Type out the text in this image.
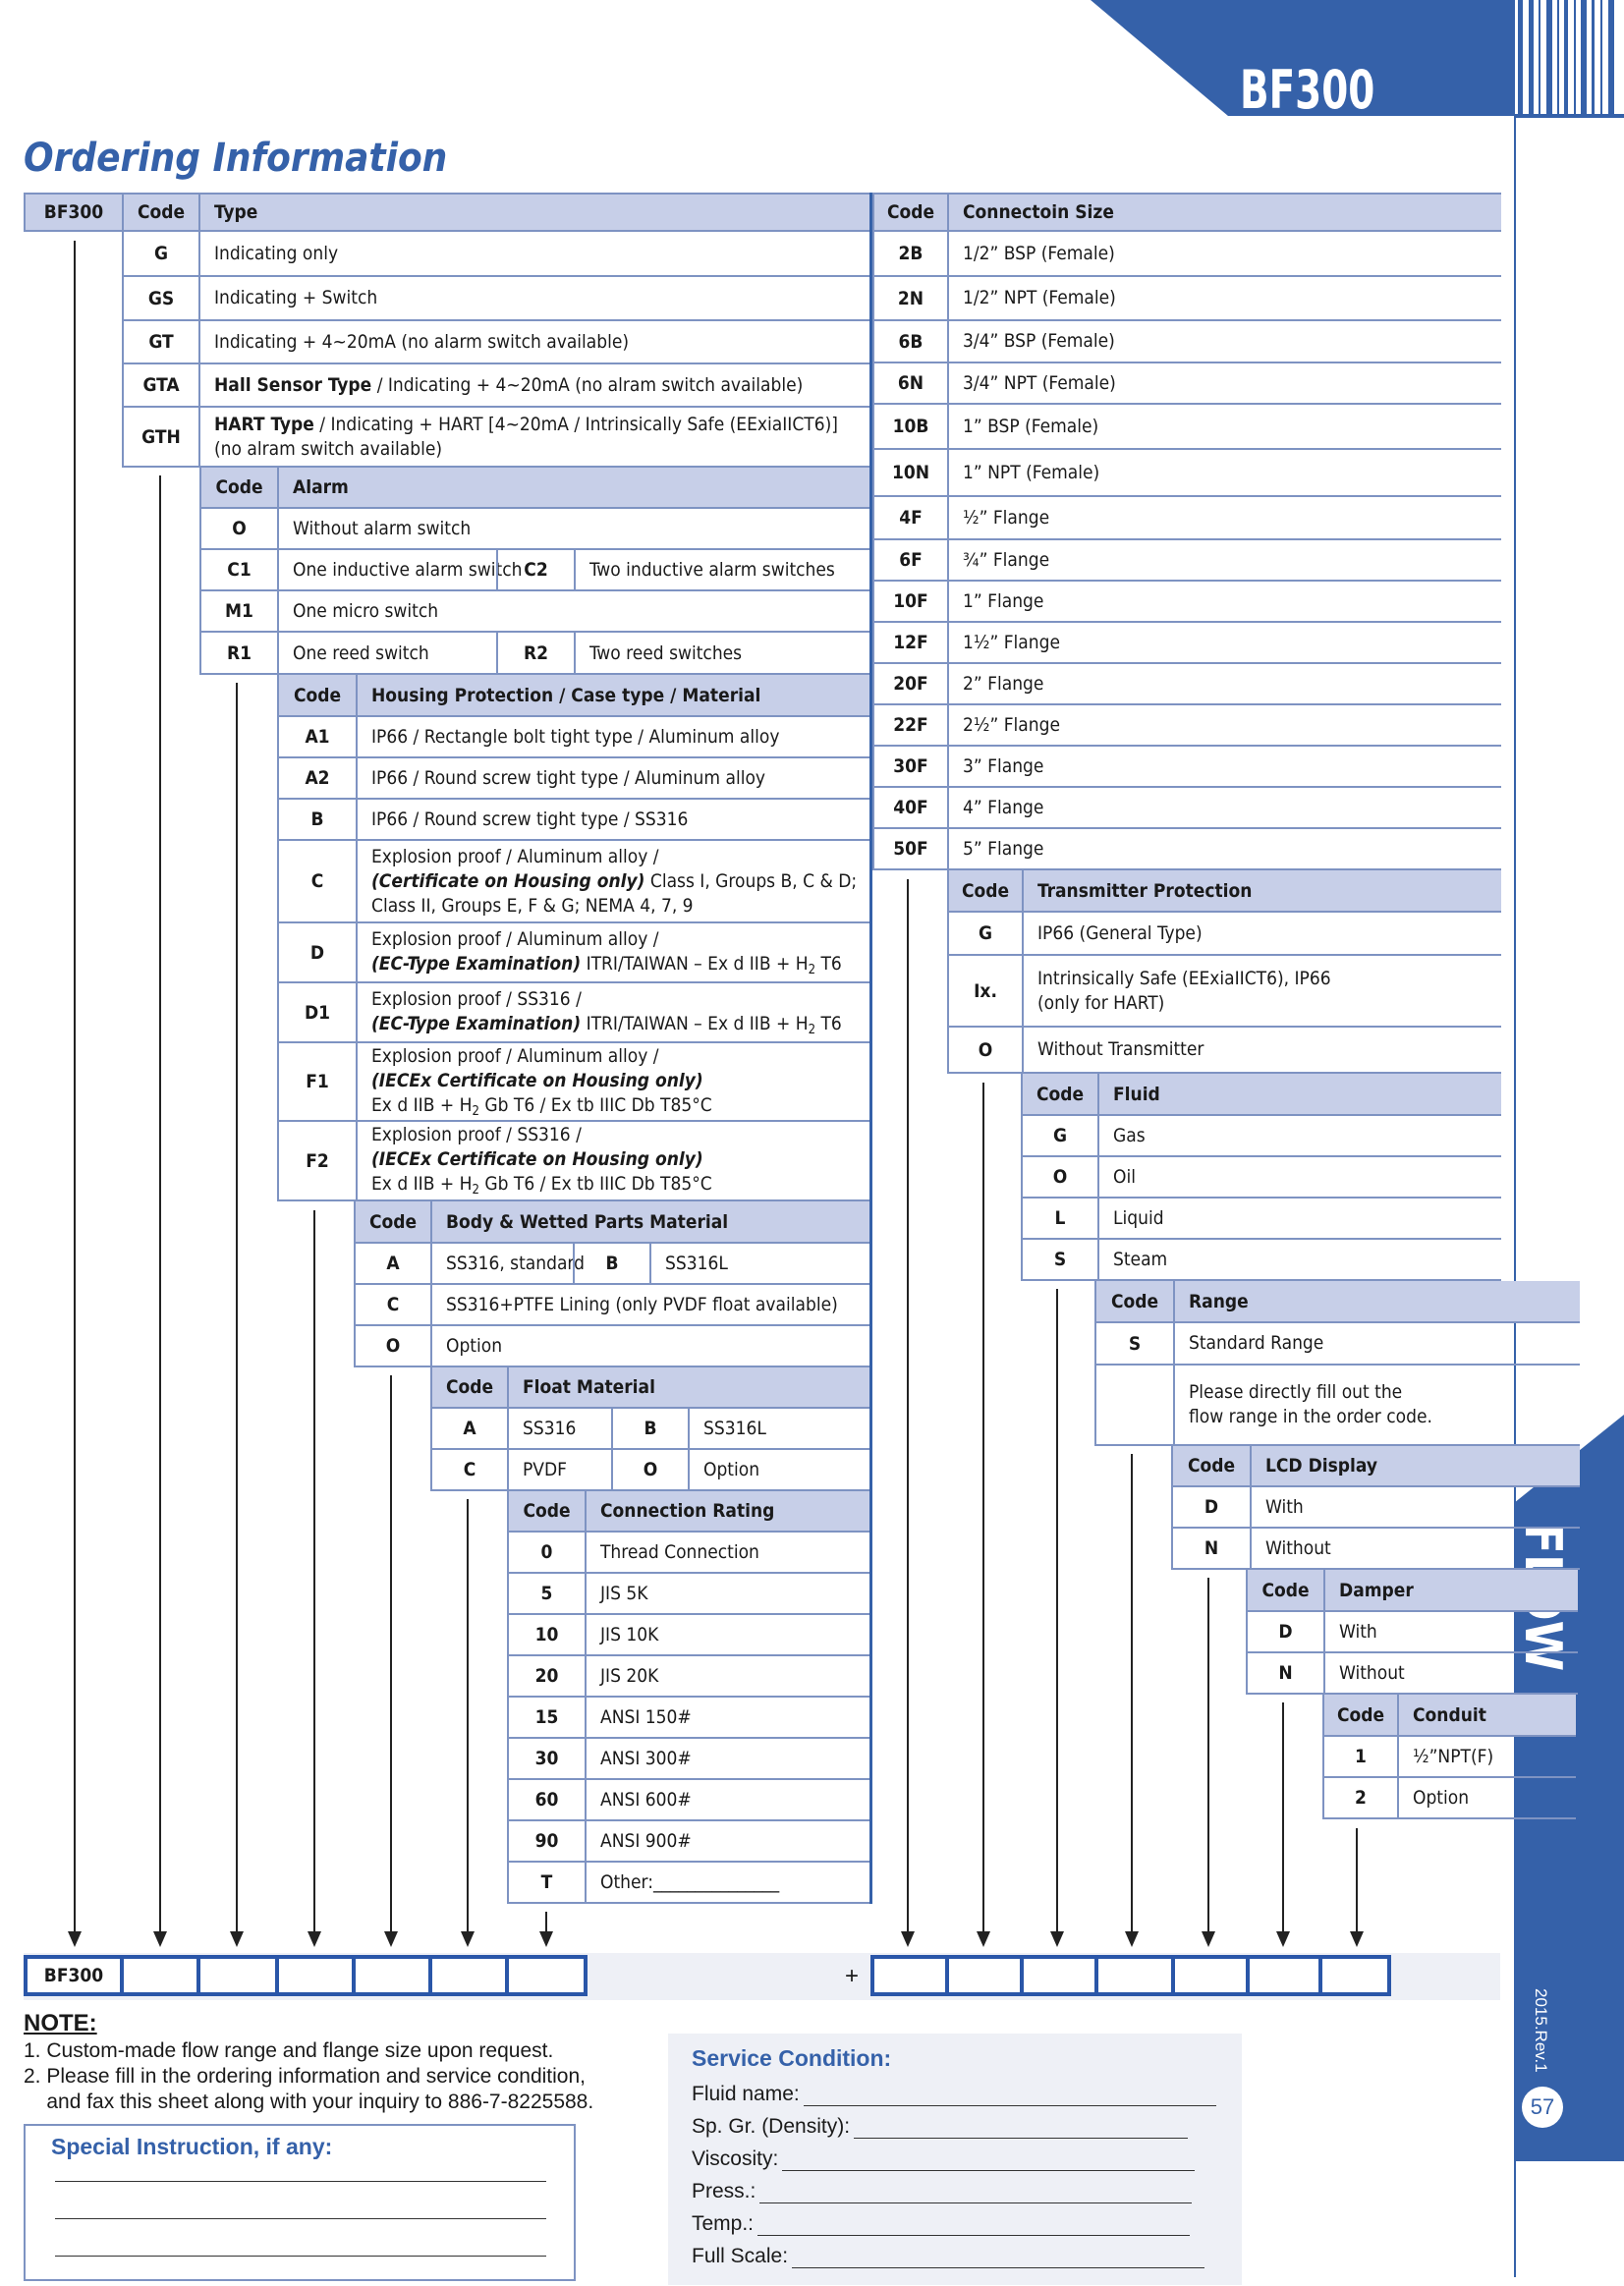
BF300
2015.Rev.1
57
Ordering Information
BF300 Code Type
G Indicating only
GS Indicating + Switch
GT Indicating + 4~20mA (no alarm switch available)
GTA Hall Sensor Type / Indicating + 4~20mA (no alram switch available)
GTH
HART Type / Indicating + HART [4~20mA / Intrinsically Safe (EExiaIICT6)]
(no alram switch available)
Code Alarm
O Without alarm switch
C1 One inductive alarm switch C2 Two inductive alarm switches
M1 One micro switch
R1 One reed switch	R2 Two reed switches
Code Housing Protection / Case type / Material
A1 IP66 / Rectangle bolt tight type / Aluminum alloy
A2 IP66 / Round screw tight type / Aluminum alloy
B	IP66 / Round screw tight type / SS316
C
Explosion proof / Aluminum alloy /
(Certificate on Housing only) Class I, Groups B, C & D;
Class II, Groups E, F & G; NEMA 4, 7, 9
D
Explosion proof / Aluminum alloy /
(EC-Type Examination) ITRI/TAIWAN – Ex d IIB + $H_2$ T6
D1
Explosion proof / SS316 /
(EC-Type Examination) ITRI/TAIWAN – Ex d IIB + $H_2$ T6
F1
Explosion proof / Aluminum alloy /
(IECEx Certificate on Housing only)
Ex d IIB + $H_2$ Gb T6 / Ex tb IIIC Db T85°C
F2
Explosion proof / SS316 /
(IECEx Certificate on Housing only)
Ex d IIB + $H_2$ Gb T6 / Ex tb IIIC Db T85°C
Code Body & Wetted Parts Material
A SS316, standard B SS316L
C	SS316+PTFE Lining (only PVDF float available)
O Option
Code Float Material
A SS316	B SS316L
C	PVDF	O Option
Code Connection Rating
0	Thread Connection
5	JIS 5K
10 JIS 10K
20 JIS 20K
15 ANSI 150#
30 ANSI 300#
60 ANSI 600#
90 ANSI 900#
T	Other:_______________
Code Connectoin Size
2B 1/2” BSP (Female)
2N 1/2” NPT (Female)
6B 3/4” BSP (Female)
6N 3/4” NPT (Female)
10B 1” BSP (Female)
10N 1” NPT (Female)
4F ½” Flange
6F ¾” Flange
10F 1” Flange
12F 1½” Flange
20F 2” Flange
22F 2½” Flange
30F 3” Flange
40F 4” Flange
50F 5” Flange
Code Transmitter Protection
G IP66 (General Type)
Ix.
Intrinsically Safe (EExiaIICT6), IP66
(only for HART)
O Without Transmitter
Code Fluid
G Gas
O Oil
L	Liquid
S	Steam
Code Range
S	Standard Range
Please directly fill out the
flow range in the order code.
Code LCD Display
D	With
N	Without
Code Damper
D With
N Without
Code Conduit
1 ½”NPT(F)
2 Option
BF300	+
NOTE:
1. Custom-made flow range and flange size upon request.
2. Please fill in the ordering information and service condition,
and fax this sheet along with your inquiry to 886-7-8225588.
Special Instruction, if any:
Service Condition:
Fluid name:
Sp. Gr. (Density):
Viscosity:
Press.:
Temp.:
Full Scale:
